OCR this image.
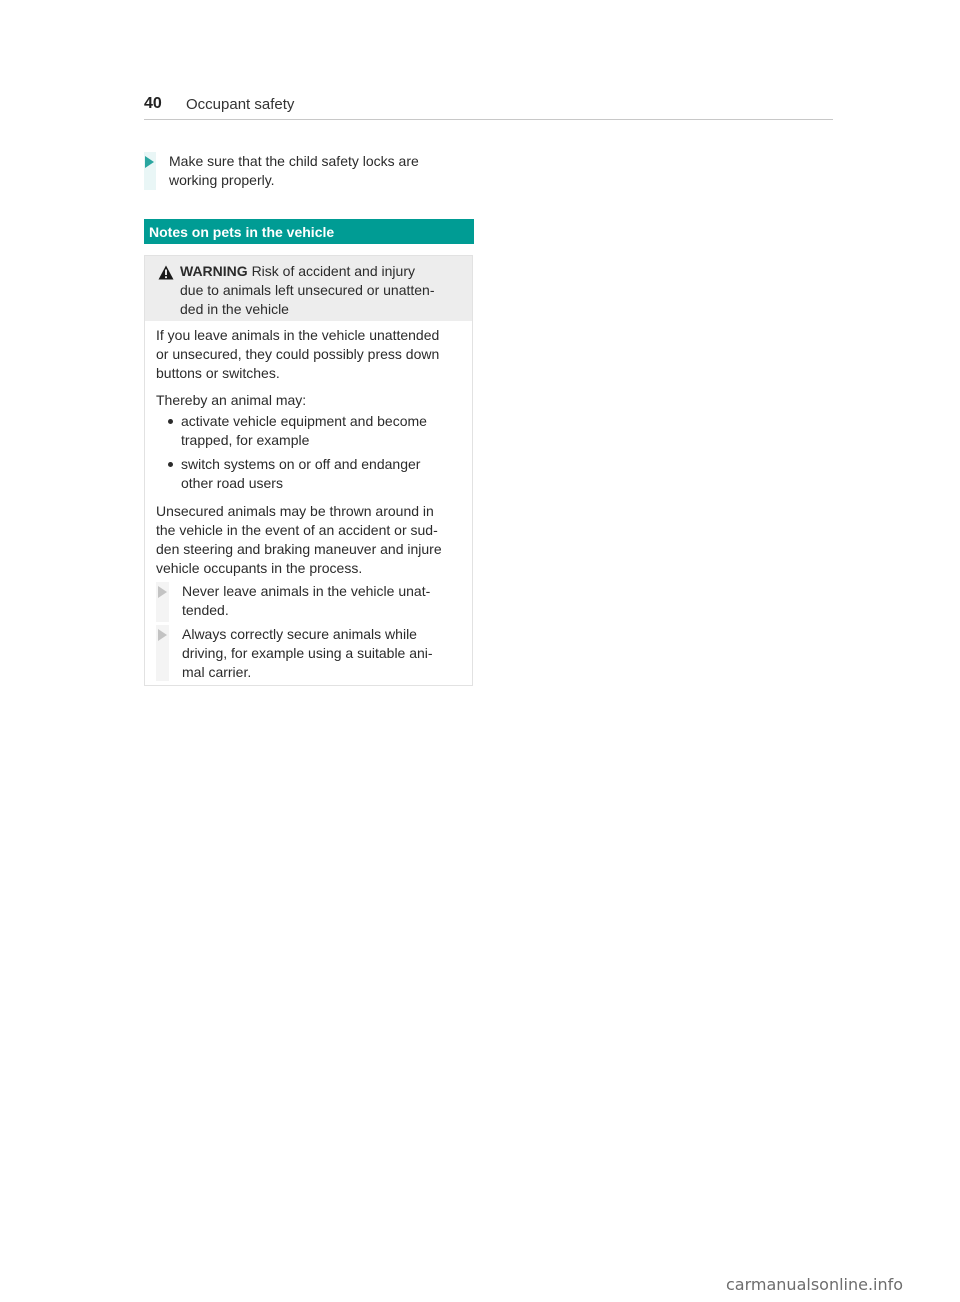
40 Occupant safety
Make sure that the child safety locks are
working properly.
Notes on pets in the vehicle
WARNING Risk of accident and injury
due to animals left unsecured or unatten-
ded in the vehicle
If you leave animals in the vehicle unattended
or unsecured, they could possibly press down
buttons or switches.
Thereby an animal may:
activate vehicle equipment and become
trapped, for example
switch systems on or off and endanger
other road users
Unsecured animals may be thrown around in
the vehicle in the event of an accident or sud-
den steering and braking maneuver and injure
vehicle occupants in the process.
Never leave animals in the vehicle unat-
tended.
Always correctly secure animals while
driving, for example using a suitable ani-
mal carrier.
carmanualsonline.info
